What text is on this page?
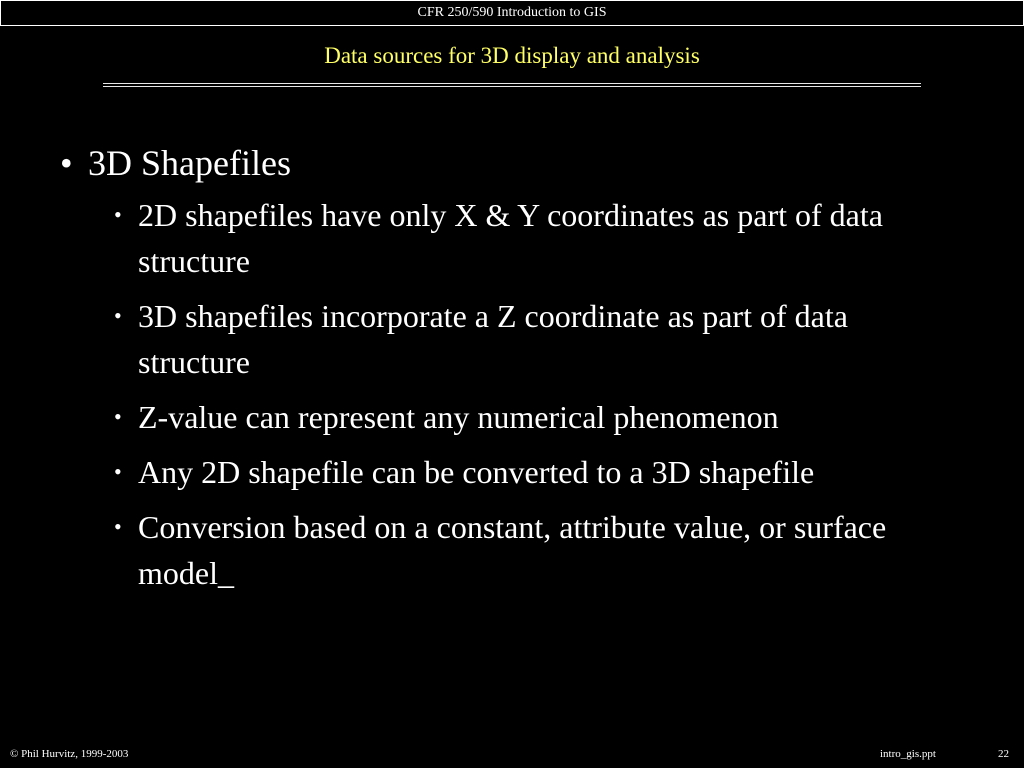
CFR 250/590 Introduction to GIS
Data sources for 3D display and analysis
• 3D Shapefiles
• 2D shapefiles have only X & Y coordinates as part of data structure
• 3D shapefiles incorporate a Z coordinate as part of data structure
• Z-value can represent any numerical phenomenon
• Any 2D shapefile can be converted to a 3D shapefile
• Conversion based on a constant, attribute value, or surface model_
© Phil Hurvitz, 1999-2003	intro_gis.ppt	22
